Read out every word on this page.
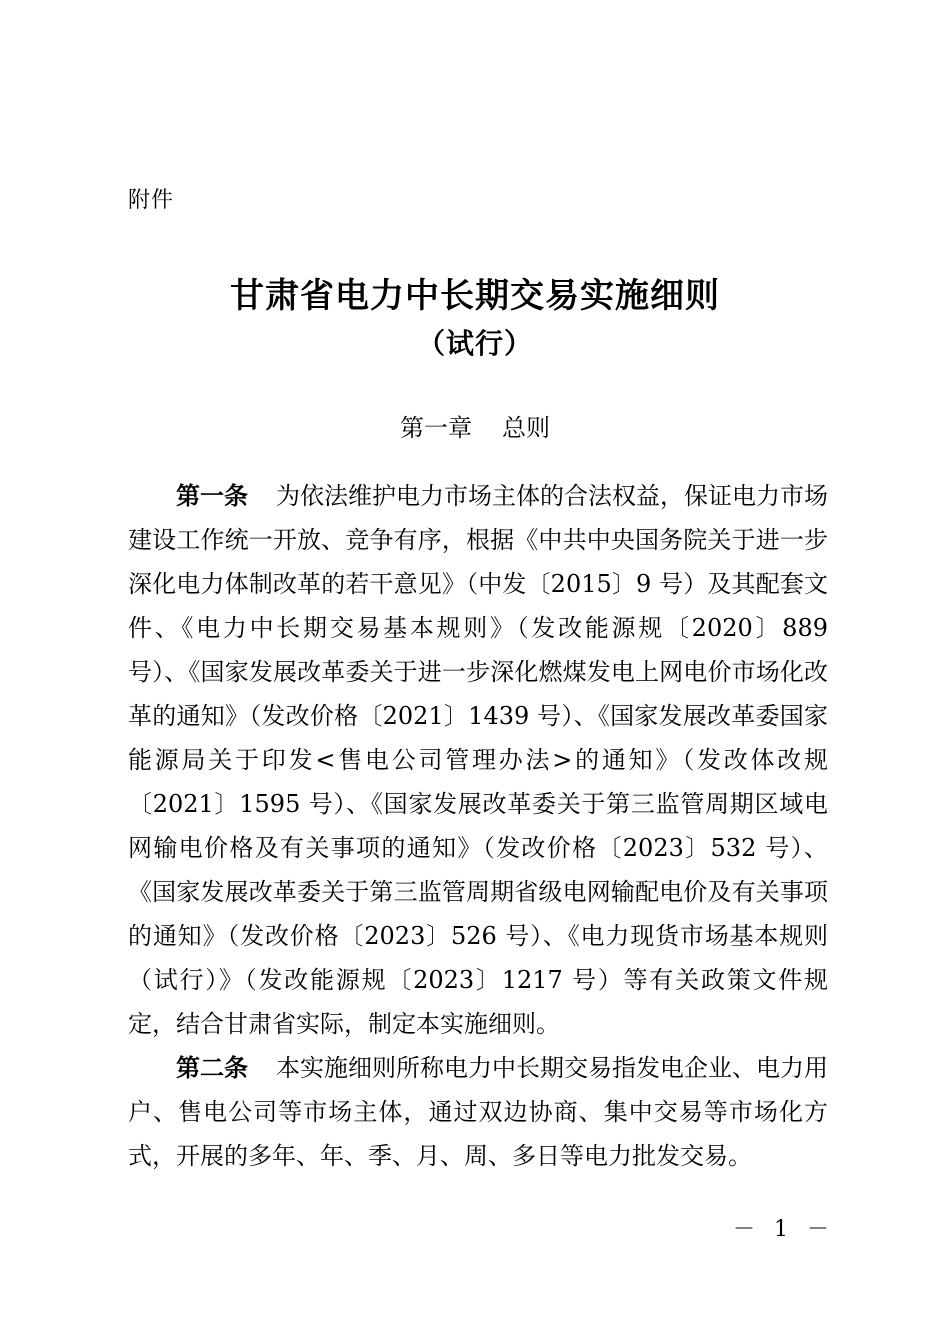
附件
甘肃省电力中长期交易实施细则
（试行）
第一章 总则

第一条 为依法维护电力市场主体的合法权益，保证电力市场建设工作统一开放、竞争有序，根据《中共中央国务院关于进一步深化电力体制改革的若干意见》（中发〔2015〕9 号）及其配套文件、《电力中长期交易基本规则》（发改能源规〔2020〕889 号）、《国家发展改革委关于进一步深化燃煤发电上网电价市场化改革的通知》（发改价格〔2021〕1439 号）、《国家发展改革委国家能源局关于印发<售电公司管理办法>的通知》（发改体改规〔2021〕1595 号）、《国家发展改革委关于第三监管周期区域电网输电价格及有关事项的通知》（发改价格〔2023〕532 号）、《国家发展改革委关于第三监管周期省级电网输配电价及有关事项的通知》（发改价格〔2023〕526 号）、《电力现货市场基本规则（试行）》（发改能源规〔2023〕1217 号）等有关政策文件规定，结合甘肃省实际，制定本实施细则。

第二条 本实施细则所称电力中长期交易指发电企业、电力用户、售电公司等市场主体，通过双边协商、集中交易等市场化方式，开展的多年、年、季、月、周、多日等电力批发交易。

－ 1 －
